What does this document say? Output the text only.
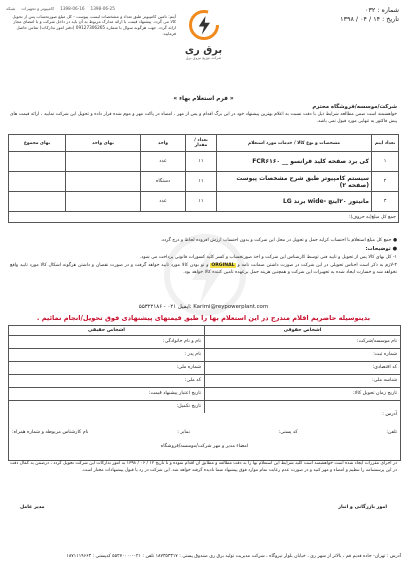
شماره : ۰۳۲
تاریخ : ۱۴ / ۰۴ / ۱۳۹۸
برق ری
شرکت توزیع نیروی برق
1398-06-25
1398-06-16
کامپیوتر و تجهیزات
شبکه
آیتم: تامین کامپیوتر طبق تعداد و مشخصات لیست پیوست - کل مبلغ صورتحساب پس از تحویل کالا می گردد. پیشنهاد قیمت با ارائه مدارک مربوط به آن باید در داخل شرکت و با امضای مجاز ارائه گردد. جهت هرگونه سوال با شماره 09127306265 (دفتر امور تدارکات) تماس حاصل فرمایید.
« فرم استعلام بهاء »
شرکت/موسسه/فروشگاه محترم
خواهشمند است ضمن مطالعه شرایط ذیل با دقت نسبت به اعلام بهترین پیشنهاد خود در این برگ اقدام و پس از مهر ، امضاء در پاکت مهر و موم شده قرار داده و تحویل این شرکت نمایید ، ارائه قیمت های پیش فاکتور به تنهایی مورد قبول نمی باشد.
تعداد ایتم	مشخصات و نوع کالا / خدمات مورد استعلام	تعداد / مقدار	واحد	بهای واحد	بهای مجموع
۱	کی برد صفحه کلید فرانسو __ FCR۶۱۶۰	۱۱	عدد		
۲	سیستم کامپیوتر طبق شرح مشخصات پیوست (صفحه ۲)	۱۱	دستگاه		
۳	مانیتور ۲۰اینچ -wide برند LG	۱۱	عدد		
جمع کل مبلغ(به حروف):					
● جمع کل مبلغ استعلام با احتساب کرایه حمل و تحویل در محل این شرکت و بدون احتساب ارزش افزوده لحاظ و درج گردد.
● توضیحات:

۱- کل بهای کالا پس از تحویل و تایید فنی توسط کارشناس این شرکت و اخذ صورتحساب و کسر کلیه کسورات قانونی پرداخت می شود.

۲-لازم به ذکر است اجناس تحویلی در این شرکت در صورت داشتن ضمانت نامه و ORGINAL و نو بودن کالا مورد تایید خواهد گرفت و در صورت نقصان و داشتن هرگونه اشکال کالا مورد تایید واقع نخواهد شد و خسارت ایجاد شده به تجهیزات این شرکت و همچنین هزینه حمل برعهده تامین کننده کالا خواهد بود.

Karimi@reypowerplant.com :ایمیل ۰۲۱ - ۵۵۳۲۲۱۸۶
بدینوسیله حاضریم اقلام مندرج در این استعلام بها را طبق قیمتهای پیشنهادی فوق تحویل/انجام نمائیم .
اشخاص حقوقی
اشخاص حقیقی
نام موسسه/شرکت:
نام و نام خانوادگی:
شماره ثبت:
نام پدر :
کد اقتصادی:
شماره ملی:
شناسه ملی:
کد ملی:
تاریخ زمان تحویل کالا:
تاریخ اعتبار پیشنهاد قیمت:
تاریخ تکمیل:
آدرس :
تلفن:
کد پستی:
نمابر :
نام کارشناس مربوطه و شماره همراه:
امضاء مدیر و مهر شرکت/موسسه/فروشگاه
در اجرای مقررات ایجاد شده است خواهشمند است کلیه شرایط این استعلام بها را به دقت مطالعه و مطابق آن اقدام نموده و تا تاریخ ۱۲ / ۰۶ / ۱۳۹۸ به امور تدارکات این شرکت تحویل گردد ، درضمن به کمال دقت در این پرسشنامه را تنظیم و امضاء و مهر کنید و در صورت عدم رعایت تمام موارد فوق پیشنهاد شما نادیده گرفته خواهد شد. این شرکت در رد یا قبول پیشنهادات مختار است.
امور بازرگانی و انبار
مدیر عامل
آدرس : تهران- جاده قدیم قم ، بالاتر از شهر ری ، خیابان بلوار نیروگاه ، شرکت مدیریت تولید برق ری صندوق پستی : ۱۸۷۳۵۳۳۱۷ تلفن : ۰۲۱-۵۵۲۷۰۰۰۰ کدپستی : ۱۸۷۱۱۱۹۶۶۳
